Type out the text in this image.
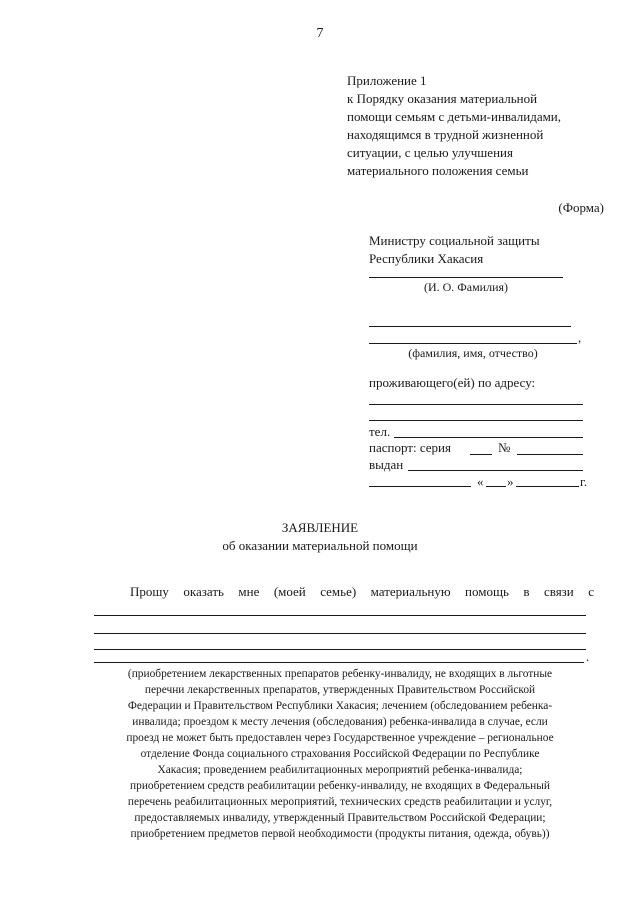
7
Приложение 1
к Порядку оказания материальной
помощи семьям с детьми-инвалидами,
находящимся в трудной жизненной
ситуации, с целью улучшения
материального положения семьи
(Форма)
Министру социальной защиты
Республики Хакасия
(И. О. Фамилия)
,
(фамилия, имя, отчество)
проживающего(ей) по адресу:
тел.
паспорт: серия	№
выдан
« »	г.
ЗАЯВЛЕНИЕ
об оказании материальной помощи
Прошу оказать мне (моей семье) материальную помощь в связи с
.
(приобретением лекарственных препаратов ребенку-инвалиду, не входящих в льготные
перечни лекарственных препаратов, утвержденных Правительством Российской
Федерации и Правительством Республики Хакасия; лечением (обследованием ребенка-
инвалида; проездом к месту лечения (обследования) ребенка-инвалида в случае, если
проезд не может быть предоставлен через Государственное учреждение – региональное
отделение Фонда социального страхования Российской Федерации по Республике
Хакасия; проведением реабилитационных мероприятий ребенка-инвалида;
приобретением средств реабилитации ребенку-инвалиду, не входящих в Федеральный
перечень реабилитационных мероприятий, технических средств реабилитации и услуг,
предоставляемых инвалиду, утвержденный Правительством Российской Федерации;
приобретением предметов первой необходимости (продукты питания, одежда, обувь))
